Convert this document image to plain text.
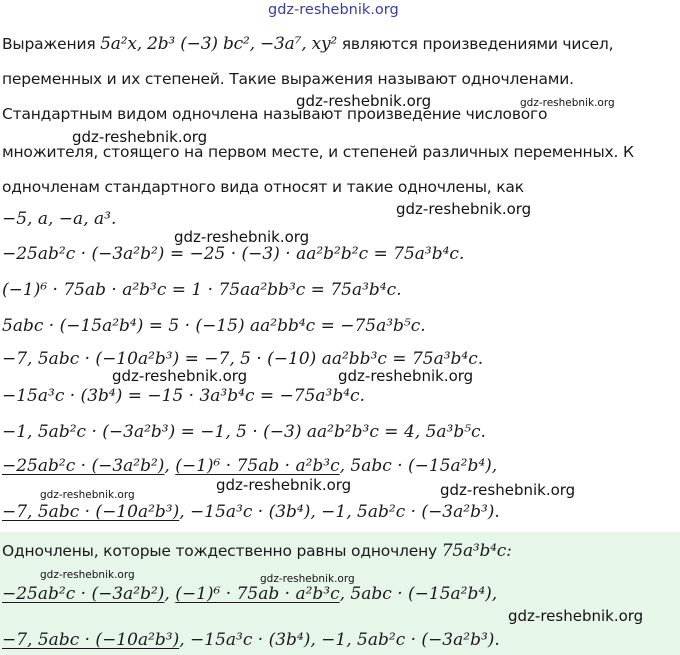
gdz-reshebnik.org
Выражения 5a²x, 2b³ (−3) bc², −3a⁷, xy² являются произведениями чисел,
переменных и их степеней. Такие выражения называют одночленами.
Стандартным видом одночлена называют произведение числового
множителя, стоящего на первом месте, и степеней различных переменных. К
одночленам стандартного вида относят и такие одночлены, как
−5, a, −a, a³.
gdz-reshebnik.org	gdz-reshebnik.org
gdz-reshebnik.org
gdz-reshebnik.org
gdz-reshebnik.org
−25ab²c · (−3a²b²) = −25 · (−3) · aa²b²b²c = 75a³b⁴c.
(−1)⁶ · 75ab · a²b³c = 1 · 75aa²bb³c = 75a³b⁴c.
5abc · (−15a²b⁴) = 5 · (−15) aa²bb⁴c = −75a³b⁵c.
−7, 5abc · (−10a²b³) = −7, 5 · (−10) aa²bb³c = 75a³b⁴c.
gdz-reshebnik.org	gdz-reshebnik.org
−15a³c · (3b⁴) = −15 · 3a³b⁴c = −75a³b⁴c.
−1, 5ab²c · (−3a²b³) = −1, 5 · (−3) aa²b²b³c = 4, 5a³b⁵c.
−25ab²c · (−3a²b²), (−1)⁶ · 75ab · a²b³c, 5abc · (−15a²b⁴),
gdz-reshebnik.org
gdz-reshebnik.org	gdz-reshebnik.org
−7, 5abc · (−10a²b³), −15a³c · (3b⁴), −1, 5ab²c · (−3a²b³).
Одночлены, которые тождественно равны одночлену 75a³b⁴c:
gdz-reshebnik.org	gdz-reshebnik.org
−25ab²c · (−3a²b²), (−1)⁶ · 75ab · a²b³c, 5abc · (−15a²b⁴),
gdz-reshebnik.org
−7, 5abc · (−10a²b³), −15a³c · (3b⁴), −1, 5ab²c · (−3a²b³).
